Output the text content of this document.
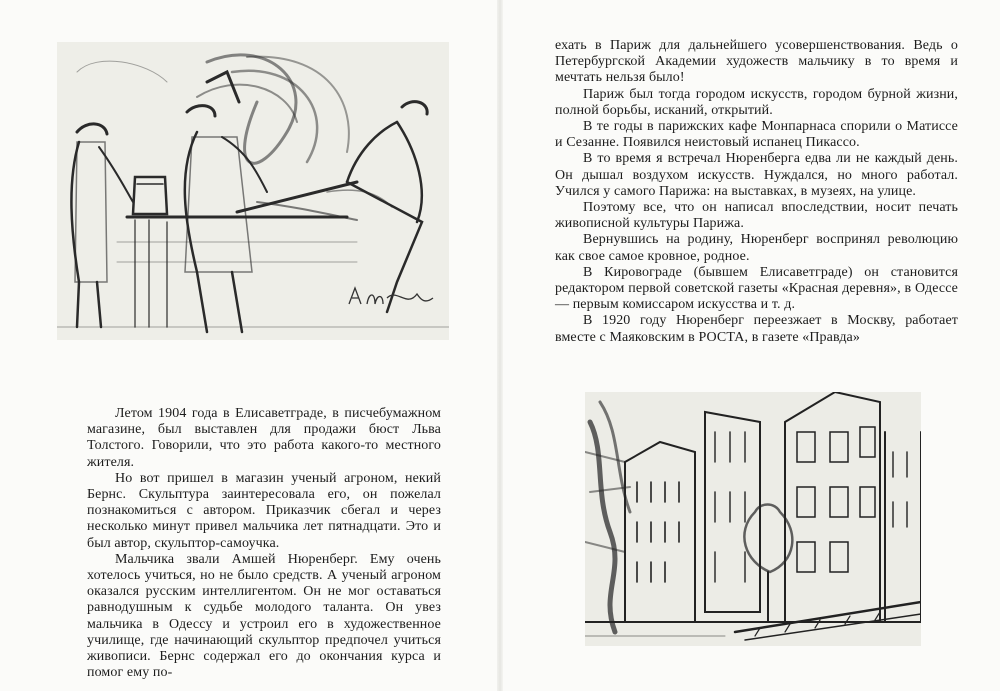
Летом 1904 года в Елисаветграде, в писчебумажном магазине, был выставлен для продажи бюст Льва Толстого. Говорили, что это работа какого-то местного жителя.

Но вот пришел в магазин ученый агроном, некий Бернс. Скульптура заинтересовала его, он пожелал познакомиться с автором. Приказчик сбегал и через несколько минут привел мальчика лет пятнадцати. Это и был автор, скульптор-самоучка.

Мальчика звали Амшей Нюренберг. Ему очень хотелось учиться, но не было средств. А ученый агроном оказался русским интеллигентом. Он не мог оставаться равнодушным к судьбе молодого таланта. Он увез мальчика в Одессу и устроил его в художественное училище, где начинающий скульптор предпочел учиться живописи. Бернс содержал его до окончания курса и помог ему по-

ехать в Париж для дальнейшего усовершенствования. Ведь о Петербургской Академии художеств мальчику в то время и мечтать нельзя было!

Париж был тогда городом искусств, городом бурной жизни, полной борьбы, исканий, открытий.

В те годы в парижских кафе Монпарнаса спорили о Матиссе и Сезанне. Появился неистовый испанец Пикассо.

В то время я встречал Нюренберга едва ли не каждый день. Он дышал воздухом искусств. Нуждался, но много работал. Учился у самого Парижа: на выставках, в музеях, на улице.

Поэтому все, что он написал впоследствии, носит печать живописной культуры Парижа.

Вернувшись на родину, Нюренберг воспринял революцию как свое самое кровное, родное.

В Кировограде (бывшем Елисаветграде) он становится редактором первой советской газеты «Красная деревня», в Одессе — первым комиссаром искусства и т. д.

В 1920 году Нюренберг переезжает в Москву, работает вместе с Маяковским в РОСТА, в газете «Правда»
